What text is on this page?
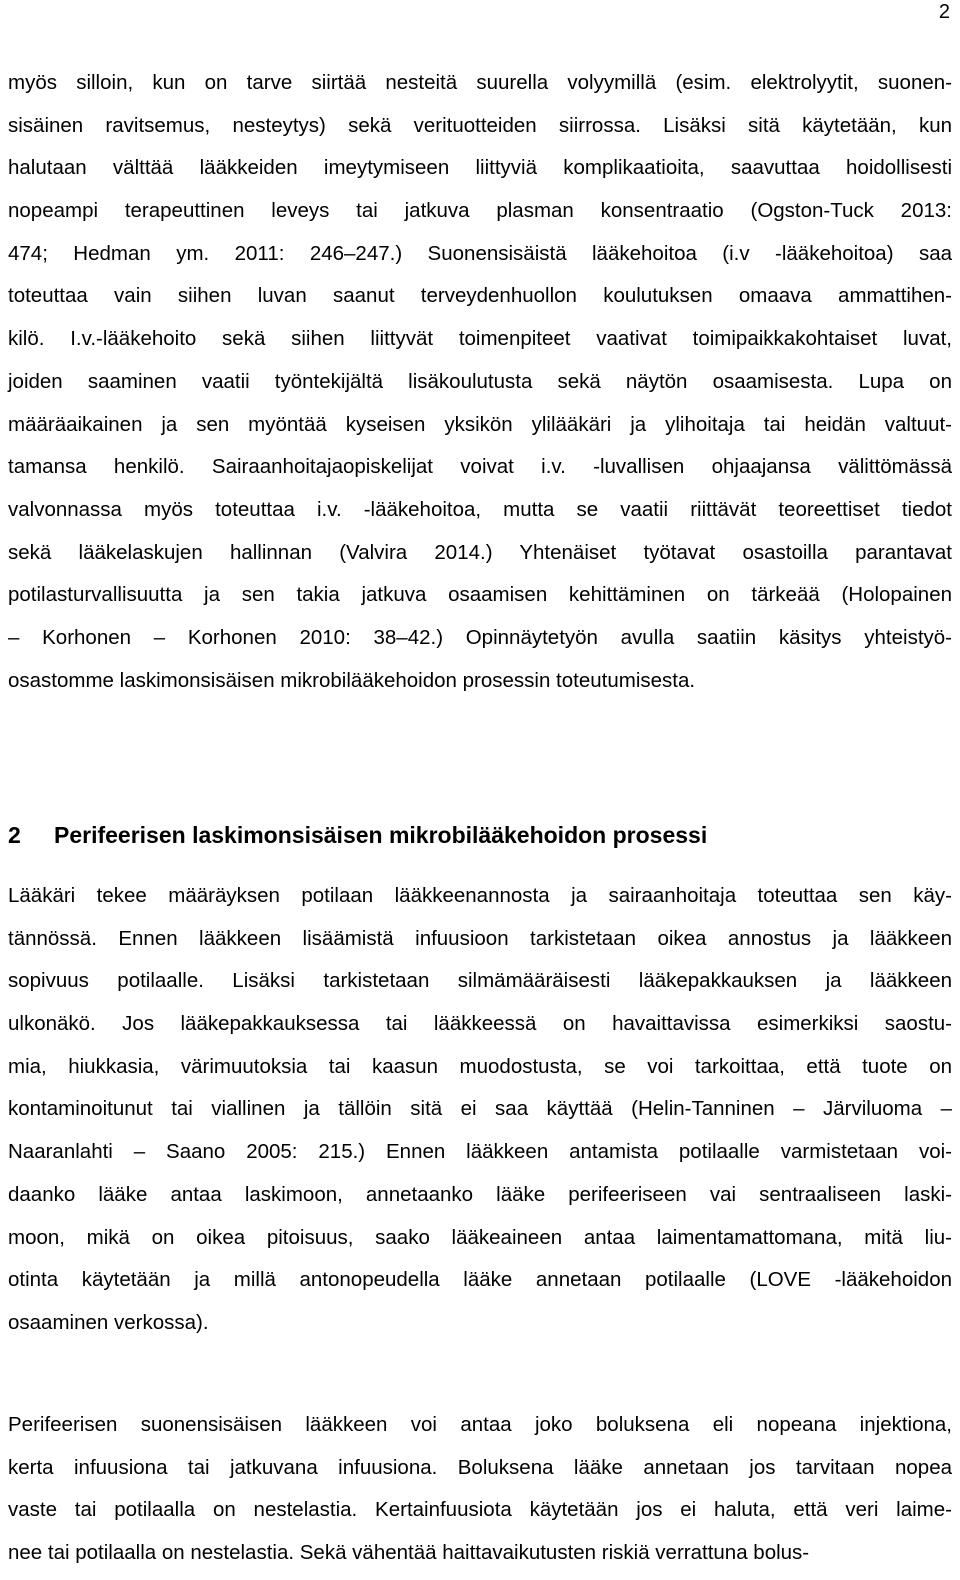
2
myös silloin, kun on tarve siirtää nesteitä suurella volyymillä (esim. elektrolyytit, suonen-
sisäinen ravitsemus, nesteytys) sekä verituotteiden siirrossa. Lisäksi sitä käytetään, kun
halutaan välttää lääkkeiden imeytymiseen liittyviä komplikaatioita, saavuttaa hoidollisesti
nopeampi terapeuttinen leveys tai jatkuva plasman konsentraatio (Ogston-Tuck 2013:
474; Hedman ym. 2011: 246–247.) Suonensisäistä lääkehoitoa (i.v -lääkehoitoa) saa
toteuttaa vain siihen luvan saanut terveydenhuollon koulutuksen omaava ammattihen-
kilö. I.v.-lääkehoito sekä siihen liittyvät toimenpiteet vaativat toimipaikkakohtaiset luvat,
joiden saaminen vaatii työntekijältä lisäkoulutusta sekä näytön osaamisesta. Lupa on
määräaikainen ja sen myöntää kyseisen yksikön ylilääkäri ja ylihoitaja tai heidän valtuut-
tamansa henkilö. Sairaanhoitajaopiskelijat voivat i.v. -luvallisen ohjaajansa välittömässä
valvonnassa myös toteuttaa i.v. -lääkehoitoa, mutta se vaatii riittävät teoreettiset tiedot
sekä lääkelaskujen hallinnan (Valvira 2014.) Yhtenäiset työtavat osastoilla parantavat
potilasturvallisuutta ja sen takia jatkuva osaamisen kehittäminen on tärkeää (Holopainen
– Korhonen – Korhonen 2010: 38–42.) Opinnäytetyön avulla saatiin käsitys yhteistyö-
osastomme laskimonsisäisen mikrobilääkehoidon prosessin toteutumisesta.
2 Perifeerisen laskimonsisäisen mikrobilääkehoidon prosessi
Lääkäri tekee määräyksen potilaan lääkkeenannosta ja sairaanhoitaja toteuttaa sen käy-
tännössä. Ennen lääkkeen lisäämistä infuusioon tarkistetaan oikea annostus ja lääkkeen
sopivuus potilaalle. Lisäksi tarkistetaan silmämääräisesti lääkepakkauksen ja lääkkeen
ulkonäkö. Jos lääkepakkauksessa tai lääkkeessä on havaittavissa esimerkiksi saostu-
mia, hiukkasia, värimuutoksia tai kaasun muodostusta, se voi tarkoittaa, että tuote on
kontaminoitunut tai viallinen ja tällöin sitä ei saa käyttää (Helin-Tanninen – Järviluoma –
Naaranlahti – Saano 2005: 215.) Ennen lääkkeen antamista potilaalle varmistetaan voi-
daanko lääke antaa laskimoon, annetaanko lääke perifeeriseen vai sentraaliseen laski-
moon, mikä on oikea pitoisuus, saako lääkeaineen antaa laimentamattomana, mitä liu-
otinta käytetään ja millä antonopeudella lääke annetaan potilaalle (LOVE -lääkehoidon
osaaminen verkossa).
Perifeerisen suonensisäisen lääkkeen voi antaa joko boluksena eli nopeana injektiona,
kerta infuusiona tai jatkuvana infuusiona. Boluksena lääke annetaan jos tarvitaan nopea
vaste tai potilaalla on nestelastia. Kertainfuusiota käytetään jos ei haluta, että veri laime-
nee tai potilaalla on nestelastia. Sekä vähentää haittavaikutusten riskiä verrattuna bolus-
